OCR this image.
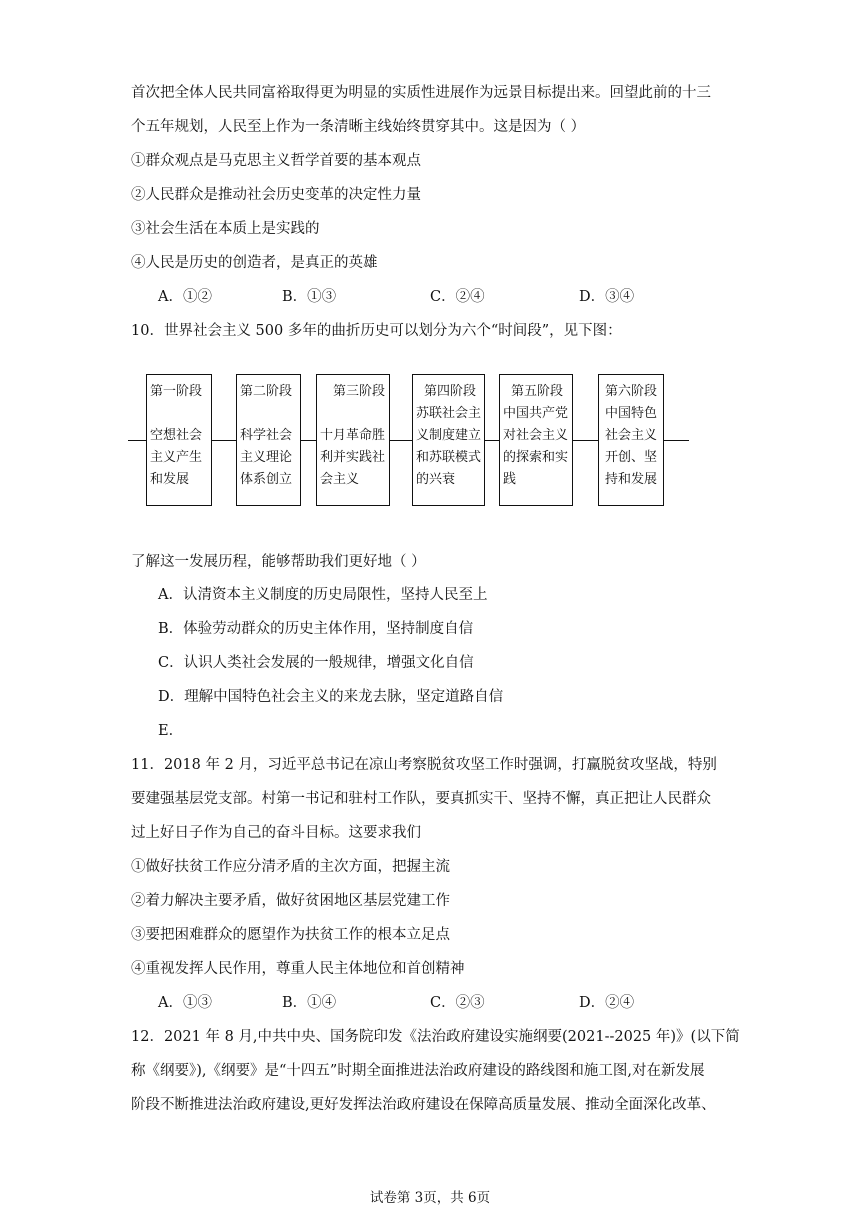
首次把全体人民共同富裕取得更为明显的实质性进展作为远景目标提出来。回望此前的十三
个五年规划，人民至上作为一条清晰主线始终贯穿其中。这是因为（ ）
①群众观点是马克思主义哲学首要的基本观点
②人民群众是推动社会历史变革的决定性力量
③社会生活在本质上是实践的
④人民是历史的创造者，是真正的英雄
A．①②	B．①③	C．②④	D．③④
10．世界社会主义 500 多年的曲折历史可以划分为六个“时间段”，见下图：
第一阶段
空想社会
主义产生
和发展
第二阶段
科学社会
主义理论
体系创立
第三阶段
十月革命胜
利并实践社
会主义
第四阶段
苏联社会主
义制度建立
和苏联模式
的兴衰
第五阶段
中国共产党
对社会主义
的探索和实
践
第六阶段
中国特色
社会主义
开创、坚
持和发展
了解这一发展历程，能够帮助我们更好地（ ）
A．认清资本主义制度的历史局限性，坚持人民至上
B．体验劳动群众的历史主体作用，坚持制度自信
C．认识人类社会发展的一般规律，增强文化自信
D．理解中国特色社会主义的来龙去脉，坚定道路自信
E．
11．2018 年 2 月，习近平总书记在凉山考察脱贫攻坚工作时强调，打赢脱贫攻坚战，特别
要建强基层党支部。村第一书记和驻村工作队，要真抓实干、坚持不懈，真正把让人民群众
过上好日子作为自己的奋斗目标。这要求我们
①做好扶贫工作应分清矛盾的主次方面，把握主流
②着力解决主要矛盾，做好贫困地区基层党建工作
③要把困难群众的愿望作为扶贫工作的根本立足点
④重视发挥人民作用，尊重人民主体地位和首创精神
A．①③	B．①④	C．②③	D．②④
12．2021 年 8 月,中共中央、国务院印发《法治政府建设实施纲要(2021--2025 年)》(以下简
称《纲要》),《纲要》是“十四五”时期全面推进法治政府建设的路线图和施工图,对在新发展
阶段不断推进法治政府建设,更好发挥法治政府建设在保障高质量发展、推动全面深化改革、
试卷第 3页，共 6页
